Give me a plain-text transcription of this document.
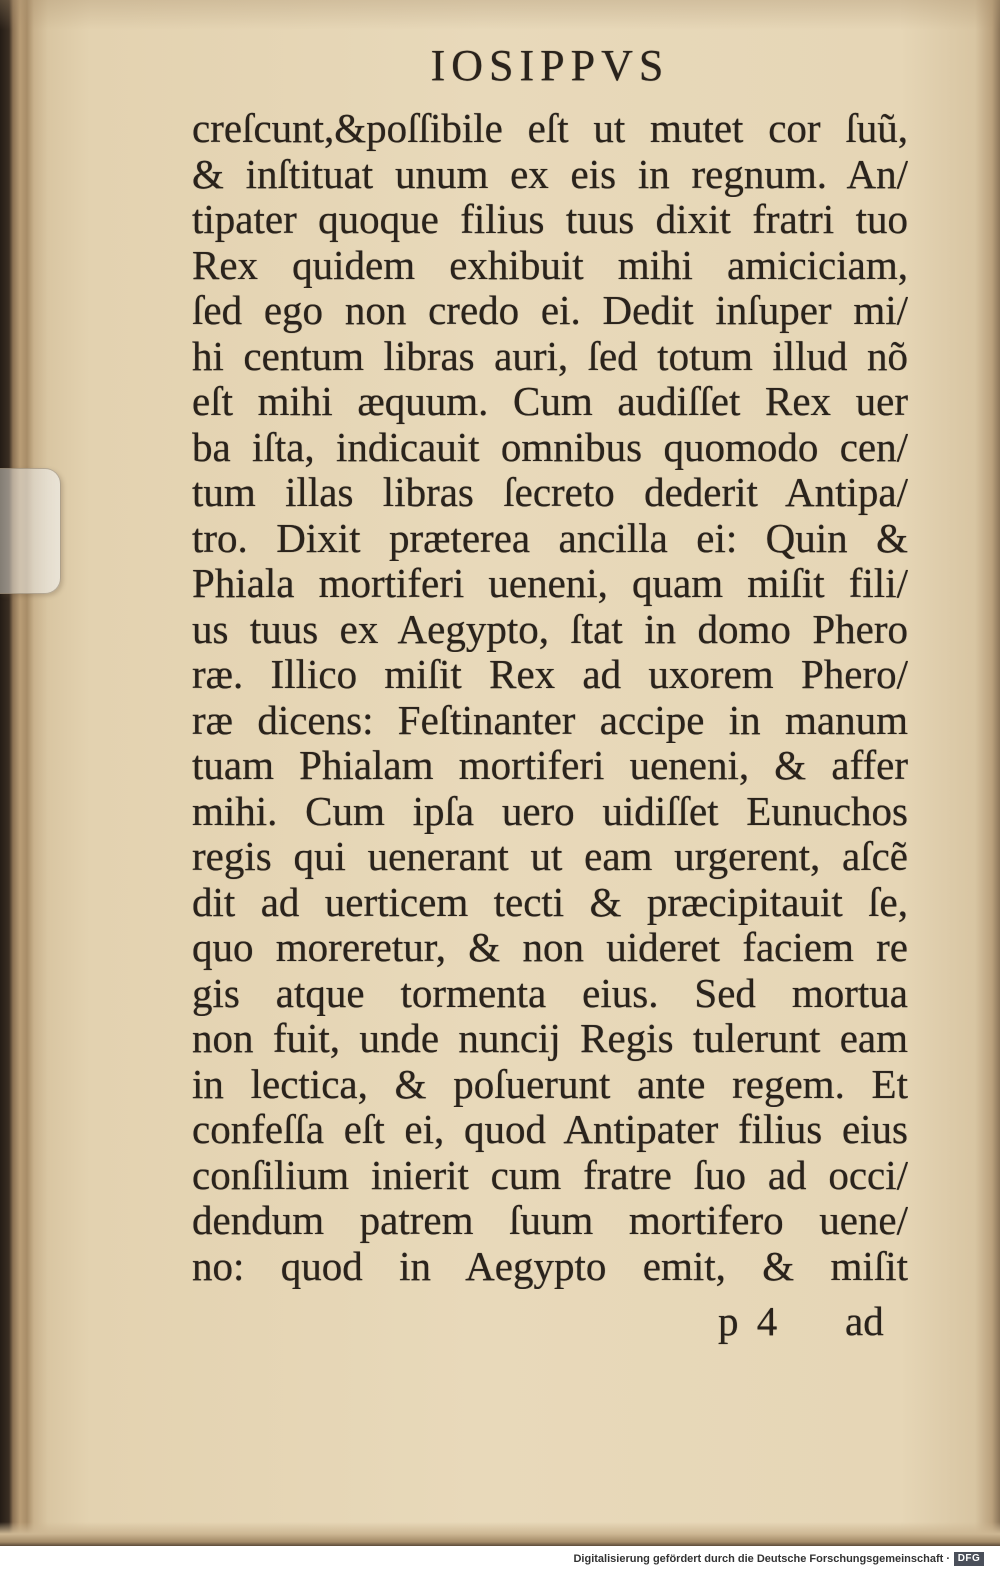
IOSIPPVS
creſcunt,&poſſibile eſt ut mutet cor ſuũ,
& inſtituat unum ex eis in regnum. An/
tipater quoque filius tuus dixit fratri tuo
Rex quidem exhibuit mihi amiciciam,
ſed ego non credo ei. Dedit inſuper mi/
hi centum libras auri, ſed totum illud nõ
eſt mihi æquum. Cum audiſſet Rex uer
ba iſta, indicauit omnibus quomodo cen/
tum illas libras ſecreto dederit Antipa/
tro. Dixit præterea ancilla ei: Quin &
Phiala mortiferi ueneni, quam miſit fili/
us tuus ex Aegypto, ſtat in domo Phero
ræ. Illico miſit Rex ad uxorem Phero/
ræ dicens: Feſtinanter accipe in manum
tuam Phialam mortiferi ueneni, & affer
mihi. Cum ipſa uero uidiſſet Eunuchos
regis qui uenerant ut eam urgerent, aſcẽ
dit ad uerticem tecti & præcipitauit ſe,
quo moreretur, & non uideret faciem re
gis atque tormenta eius. Sed mortua
non fuit, unde nuncij Regis tulerunt eam
in lectica, & poſuerunt ante regem. Et
confeſſa eſt ei, quod Antipater filius eius
conſilium inierit cum fratre ſuo ad occi/
dendum patrem ſuum mortifero uene/
no: quod in Aegypto emit, & miſit
p 4 ad
Digitalisierung gefördert durch die Deutsche Forschungsgemeinschaft · DFG
